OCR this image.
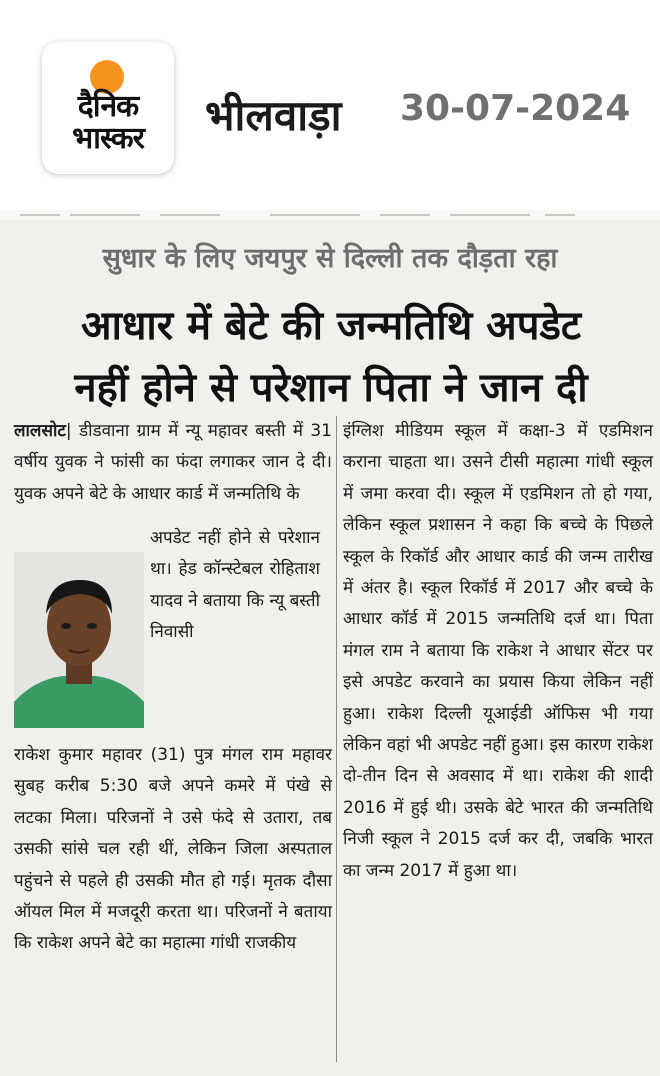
दैनिक
भास्कर	भीलवाड़ा 30-07-2024
सुधार के लिए जयपुर से दिल्ली तक दौड़ता रहा
आधार में बेटे की जन्मतिथि अपडेट
नहीं होने से परेशान पिता ने जान दी

लालसोट| डीडवाना ग्राम में न्यू महावर बस्ती में 31 वर्षीय युवक ने फांसी का फंदा लगाकर जान दे दी। युवक अपने बेटे के आधार कार्ड में जन्मतिथि के

अपडेट नहीं होने से परेशान था। हेड कॉन्स्टेबल रोहिताश यादव ने बताया कि न्यू बस्ती निवासी
राकेश कुमार महावर (31) पुत्र मंगल राम महावर सुबह करीब 5:30 बजे अपने कमरे में पंखे से लटका मिला। परिजनों ने उसे फंदे से उतारा, तब उसकी सांसे चल रही थीं, लेकिन जिला अस्पताल पहुंचने से पहले ही उसकी मौत हो गई। मृतक दौसा ऑयल मिल में मजदूरी करता था। परिजनों ने बताया कि राकेश अपने बेटे का महात्मा गांधी राजकीय
इंग्लिश मीडियम स्कूल में कक्षा-3 में एडमिशन कराना चाहता था। उसने टीसी महात्मा गांधी स्कूल में जमा करवा दी। स्कूल में एडमिशन तो हो गया, लेकिन स्कूल प्रशासन ने कहा कि बच्चे के पिछले स्कूल के रिकॉर्ड और आधार कार्ड की जन्म तारीख में अंतर है। स्कूल रिकॉर्ड में 2017 और बच्चे के आधार कॉर्ड में 2015 जन्मतिथि दर्ज था। पिता मंगल राम ने बताया कि राकेश ने आधार सेंटर पर इसे अपडेट करवाने का प्रयास किया लेकिन नहीं हुआ। राकेश दिल्ली यूआईडी ऑफिस भी गया लेकिन वहां भी अपडेट नहीं हुआ। इस कारण राकेश दो-तीन दिन से अवसाद में था। राकेश की शादी 2016 में हुई थी। उसके बेटे भारत की जन्मतिथि निजी स्कूल ने 2015 दर्ज कर दी, जबकि भारत का जन्म 2017 में हुआ था।
